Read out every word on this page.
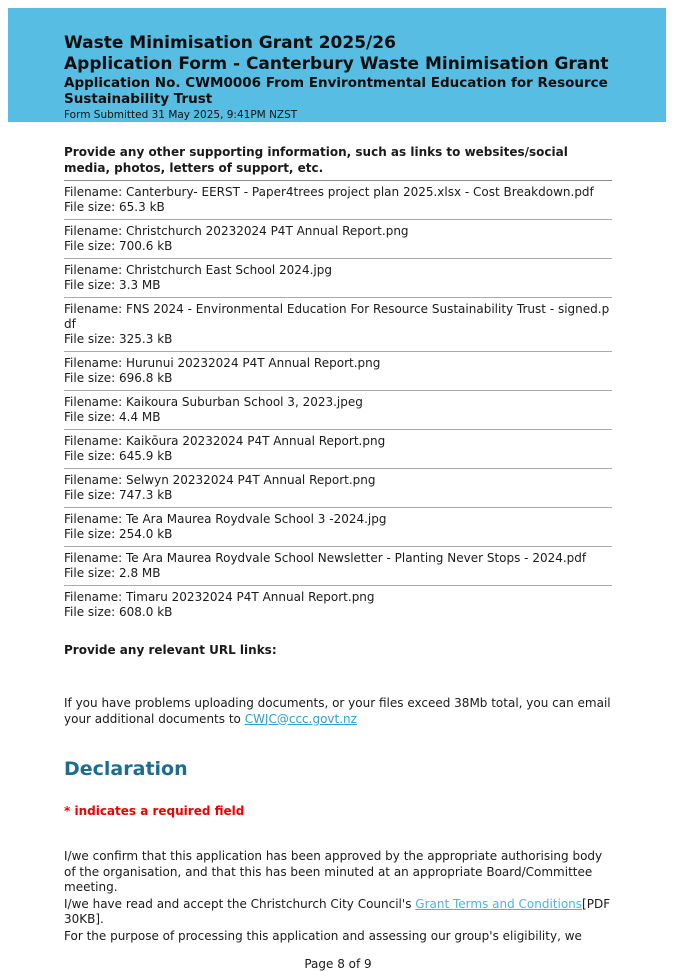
Waste Minimisation Grant 2025/26
Application Form - Canterbury Waste Minimisation Grant
Application No. CWM0006 From Environtmental Education for Resource Sustainability Trust
Form Submitted 31 May 2025, 9:41PM NZST
Provide any other supporting information, such as links to websites/social media, photos, letters of support, etc.
Filename: Canterbury- EERST - Paper4trees project plan 2025.xlsx - Cost Breakdown.pdf
File size: 65.3 kB
Filename: Christchurch 20232024 P4T Annual Report.png
File size: 700.6 kB
Filename: Christchurch East School 2024.jpg
File size: 3.3 MB
Filename: FNS 2024 - Environmental Education For Resource Sustainability Trust - signed.pdf
File size: 325.3 kB
Filename: Hurunui 20232024 P4T Annual Report.png
File size: 696.8 kB
Filename: Kaikoura Suburban School 3, 2023.jpeg
File size: 4.4 MB
Filename: Kaikōura 20232024 P4T Annual Report.png
File size: 645.9 kB
Filename: Selwyn 20232024 P4T Annual Report.png
File size: 747.3 kB
Filename: Te Ara Maurea Roydvale School 3 -2024.jpg
File size: 254.0 kB
Filename: Te Ara Maurea Roydvale School Newsletter - Planting Never Stops - 2024.pdf
File size: 2.8 MB
Filename: Timaru 20232024 P4T Annual Report.png
File size: 608.0 kB
Provide any relevant URL links:
If you have problems uploading documents, or your files exceed 38Mb total, you can email your additional documents to CWJC@ccc.govt.nz
Declaration
* indicates a required field
I/we confirm that this application has been approved by the appropriate authorising body of the organisation, and that this has been minuted at an appropriate Board/Committee meeting.
I/we have read and accept the Christchurch City Council's Grant Terms and Conditions[PDF 30KB].
For the purpose of processing this application and assessing our group's eligibility, we
Page 8 of 9
